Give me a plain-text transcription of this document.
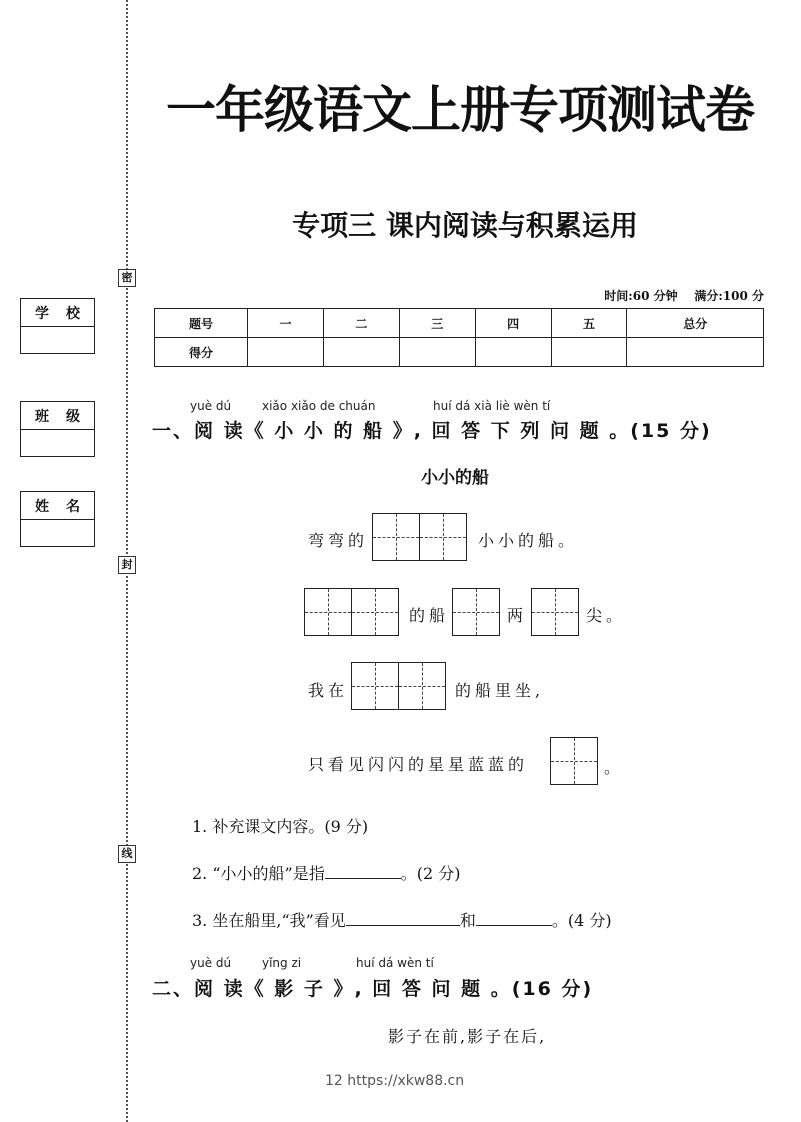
密
封
线
学 校
班 级
姓 名
一年级语文上册专项测试卷
专项三 课内阅读与积累运用
时间:60 分钟 满分:100 分
题号	一	二	三	四	五	总分
得分						
yuè dú	xiǎo xiǎo de chuán	huí dá xià liè wèn tí
一、阅 读《 小 小 的 船 》, 回 答 下 列 问 题 。(15 分)
小小的船
弯弯的	小小的船。
的船	两	尖。
我在	的船里坐,
只看见闪闪的星星蓝蓝的	。
1. 补充课文内容。(9 分)
2. “小小的船”是指	。(2 分)
3. 坐在船里,“我”看见	和	。(4 分)
yuè dú	yǐng zi	huí dá wèn tí
二、阅 读《 影 子 》, 回 答 问 题 。(16 分)
影子在前,影子在后,
12 https://xkw88.cn
